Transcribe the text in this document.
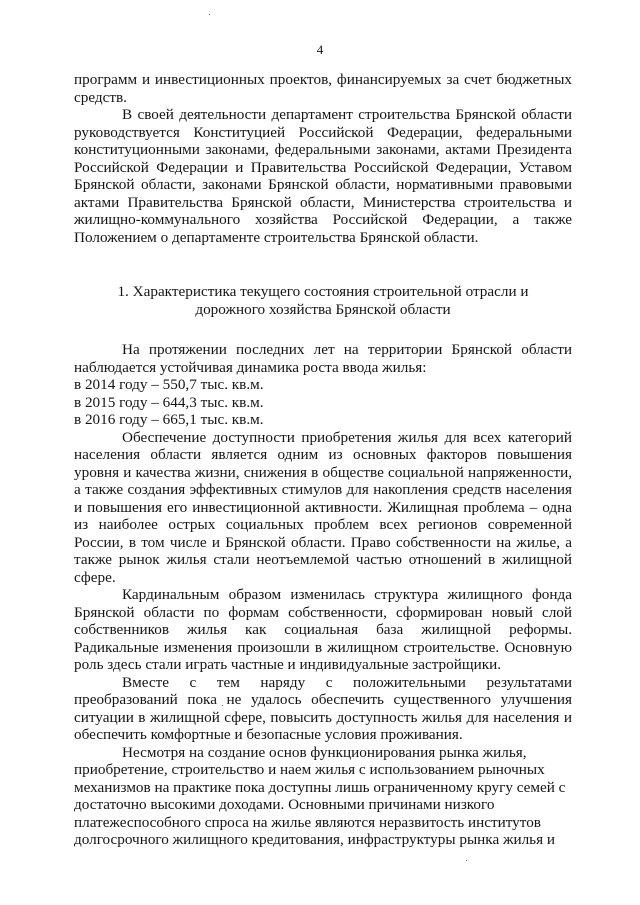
4

программ и инвестиционных проектов, финансируемых за счет бюджетных средств.

В своей деятельности департамент строительства Брянской области руководствуется Конституцией Российской Федерации, федеральными конституционными законами, федеральными законами, актами Президента Российской Федерации и Правительства Российской Федерации, Уставом Брянской области, законами Брянской области, нормативными правовыми актами Правительства Брянской области, Министерства строительства и жилищно-коммунального хозяйства Российской Федерации, а также Положением о департаменте строительства Брянской области.

1. Характеристика текущего состояния строительной отрасли и
дорожного хозяйства Брянской области

На протяжении последних лет на территории Брянской области наблюдается устойчивая динамика роста ввода жилья:

в 2014 году – 550,7 тыс. кв.м.
в 2015 году – 644,3 тыс. кв.м.
в 2016 году – 665,1 тыс. кв.м.

Обеспечение доступности приобретения жилья для всех категорий населения области является одним из основных факторов повышения уровня и качества жизни, снижения в обществе социальной напряженности, а также создания эффективных стимулов для накопления средств населения и повышения его инвестиционной активности. Жилищная проблема – одна из наиболее острых социальных проблем всех регионов современной России, в том числе и Брянской области. Право собственности на жилье, а также рынок жилья стали неотъемлемой частью отношений в жилищной сфере.

Кардинальным образом изменилась структура жилищного фонда Брянской области по формам собственности, сформирован новый слой собственников жилья как социальная база жилищной реформы. Радикальные изменения произошли в жилищном строительстве. Основную роль здесь стали играть частные и индивидуальные застройщики.

Вместе с тем наряду с положительными результатами преобразований пока не удалось обеспечить существенного улучшения ситуации в жилищной сфере, повысить доступность жилья для населения и обеспечить комфортные и безопасные условия проживания.

Несмотря на создание основ функционирования рынка жилья,
приобретение, строительство и наем жилья с использованием рыночных
механизмов на практике пока доступны лишь ограниченному кругу семей с
достаточно высокими доходами. Основными причинами низкого
платежеспособного спроса на жилье являются неразвитость институтов
долгосрочного жилищного кредитования, инфраструктуры рынка жилья и
